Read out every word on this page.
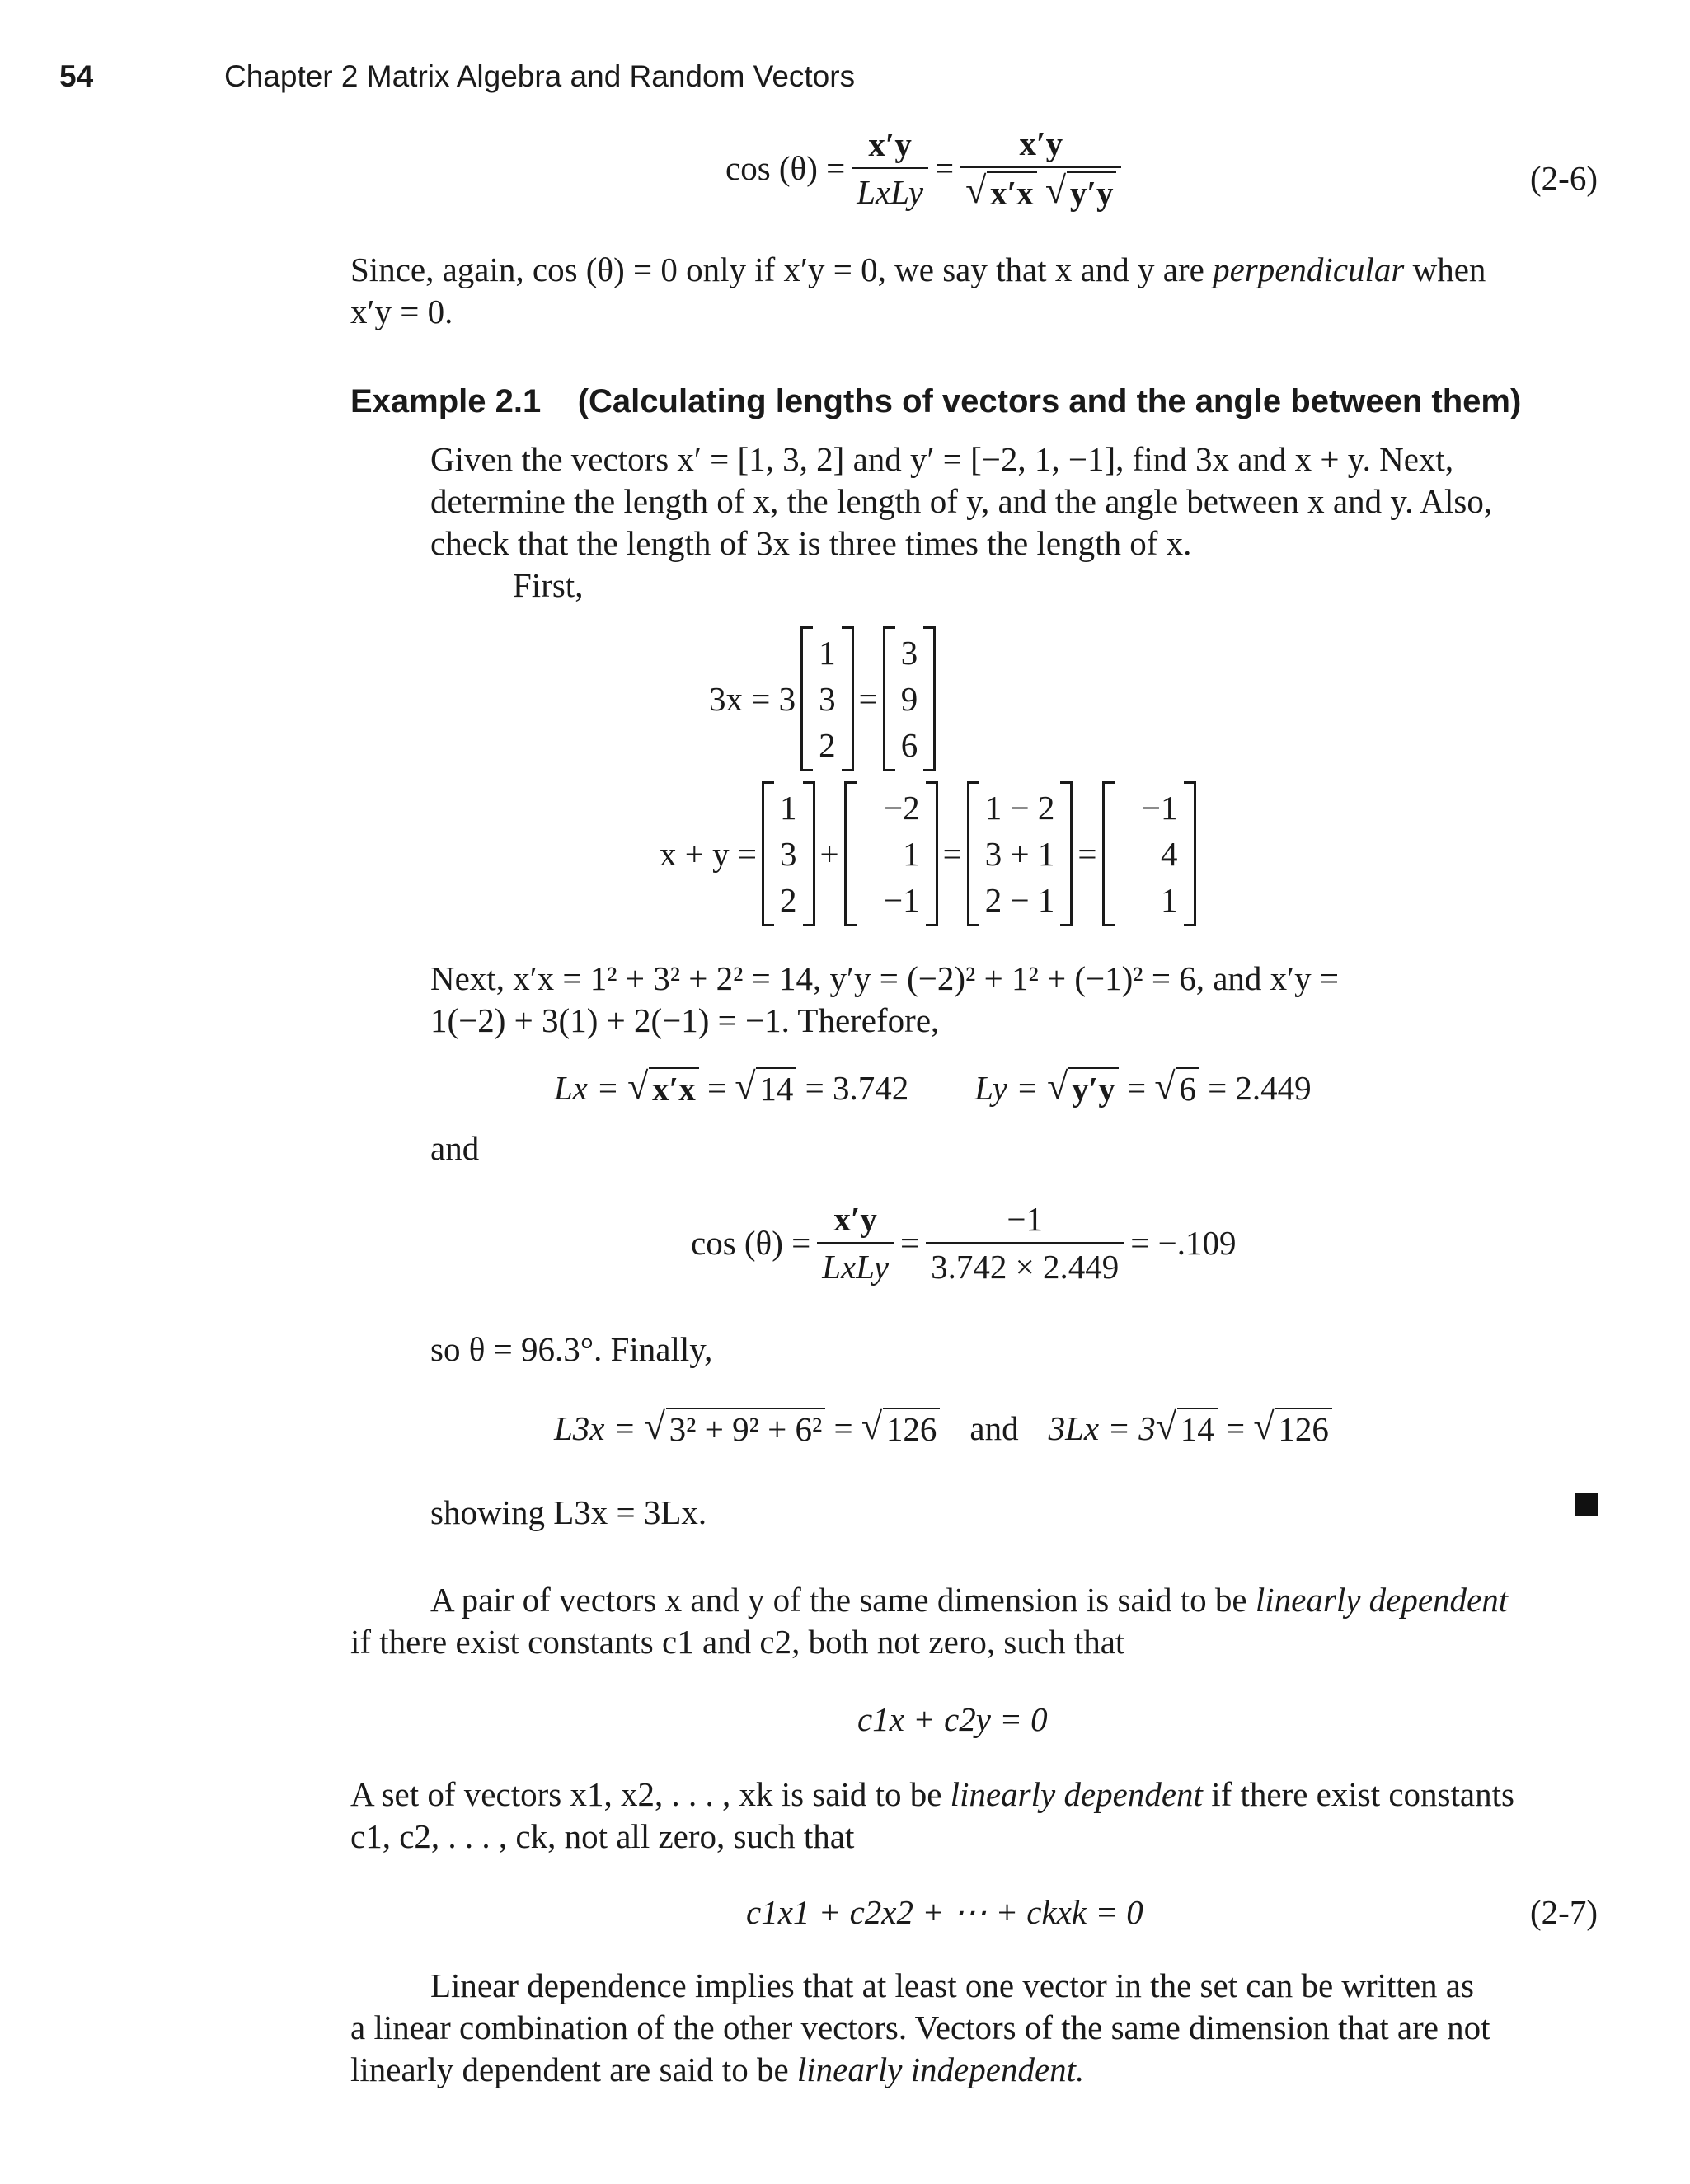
54	Chapter 2 Matrix Algebra and Random Vectors
$\cos (\theta) = \frac{x'y}{\text{LxLy}} = \frac{x'y}{√ x'x √ y'y}$	(2-6)
Since, again, cos (θ) = 0 only if x′y = 0, we say that x and y are perpendicular when
x′y = 0.
Example 2.1 (Calculating lengths of vectors and the angle between them)
Given the vectors x′ = [1, 3, 2] and y′ = [−2, 1, −1], find 3x and x + y. Next,
determine the length of x, the length of y, and the angle between x and y. Also,
check that the length of 3x is three times the length of x.
First,
3x = 3
1
3
2
=
3
9
6
x + y =
1
3
2
+
−2
1
−1
=
1 − 2
3 + 1
2 − 1
=
−1
4
1
Next, x′x = 1² + 3² + 2² = 14, y′y = (−2)² + 1² + (−1)² = 6, and x′y =
1(−2) + 3(1) + 2(−1) = −1. Therefore,
Lx =
√ x′x
=
√ 14
= 3.742 Ly =
√ y′y
=
√ 6
= 2.449
and
$\cos (\theta) = \frac{x'y}{\text{LxLy}} = \frac{-1}{3.742 \times 2.449} = -.109$
so θ = 96.3°. Finally,
L3x =
√ 3² + 9² + 6²
=
√ 126 and 3Lx = 3 √ 14
=
√ 126
showing L3x = 3Lx.
A pair of vectors x and y of the same dimension is said to be linearly dependent
if there exist constants c1 and c2, both not zero, such that
c1x + c2y = 0
A set of vectors x1, x2, . . . , xk is said to be linearly dependent if there exist constants
c1, c2, . . . , ck, not all zero, such that
c1x1 + c2x2 + ⋯ + ckxk = 0	(2-7)
Linear dependence implies that at least one vector in the set can be written as
a linear combination of the other vectors. Vectors of the same dimension that are not
linearly dependent are said to be linearly independent.
